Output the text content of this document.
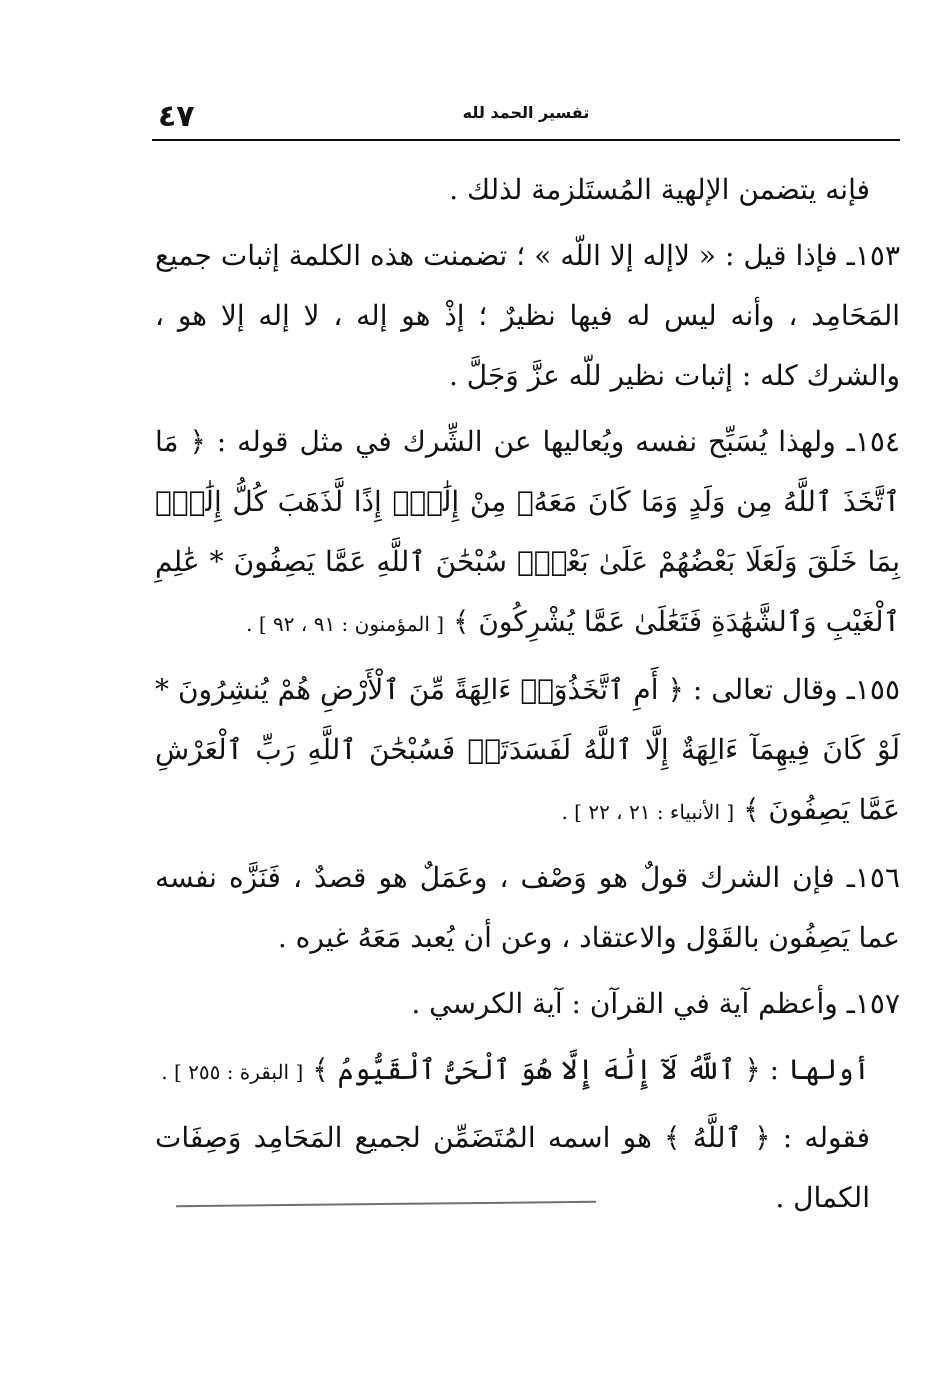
٤٧	تفسير الحمد لله

فإنه يتضمن الإلهية المُستَلزمة لذلك .

١٥٣ـ فإذا قيل : « لاإله إلا اللّه » ؛ تضمنت هذه الكلمة إثبات جميع المَحَامِد ، وأنه ليس له فيها نظيرٌ ؛ إذْ هو إله ، لا إله إلا هو ، والشرك كله : إثبات نظير للّه عزَّ وَجَلَّ .

١٥٤ـ ولهذا يُسَبِّح نفسه ويُعاليها عن الشِّرك في مثل قوله : ﴿ مَا ٱتَّخَذَ ٱللَّهُ مِن وَلَدٍ وَمَا كَانَ مَعَهُۥ مِنْ إِلَٰهٍۚ إِذًا لَّذَهَبَ كُلُّ إِلَٰهٍۭ بِمَا خَلَقَ وَلَعَلَا بَعْضُهُمْ عَلَىٰ بَعْضٍۚ سُبْحَٰنَ ٱللَّهِ عَمَّا يَصِفُونَ * عَٰلِمِ ٱلْغَيْبِ وَٱلشَّهَٰدَةِ فَتَعَٰلَىٰ عَمَّا يُشْرِكُونَ ﴾ [ المؤمنون : ٩١ ، ٩٢ ] .

١٥٥ـ وقال تعالى : ﴿ أَمِ ٱتَّخَذُوٓا۟ ءَالِهَةً مِّنَ ٱلْأَرْضِ هُمْ يُنشِرُونَ * لَوْ كَانَ فِيهِمَآ ءَالِهَةٌ إِلَّا ٱللَّهُ لَفَسَدَتَاۚ فَسُبْحَٰنَ ٱللَّهِ رَبِّ ٱلْعَرْشِ عَمَّا يَصِفُونَ ﴾ [ الأنبياء : ٢١ ، ٢٢ ] .

١٥٦ـ فإن الشرك قولٌ هو وَصْف ، وعَمَلٌ هو قصدٌ ، فَنَزَّه نفسه عما يَصِفُون بالقَوْل والاعتقاد ، وعن أن يُعبد مَعَهُ غيره .

١٥٧ـ وأعظم آية في القرآن : آية الكرسي .

أولها : ﴿ ٱللَّهُ لَآ إِلَٰهَ إِلَّا هُوَ ٱلْحَىُّ ٱلْقَيُّومُ ﴾ [ البقرة : ٢٥٥ ] .

فقوله : ﴿ ٱللَّهُ ﴾ هو اسمه المُتَضَمِّن لجميع المَحَامِد وَصِفَات الكمال .
